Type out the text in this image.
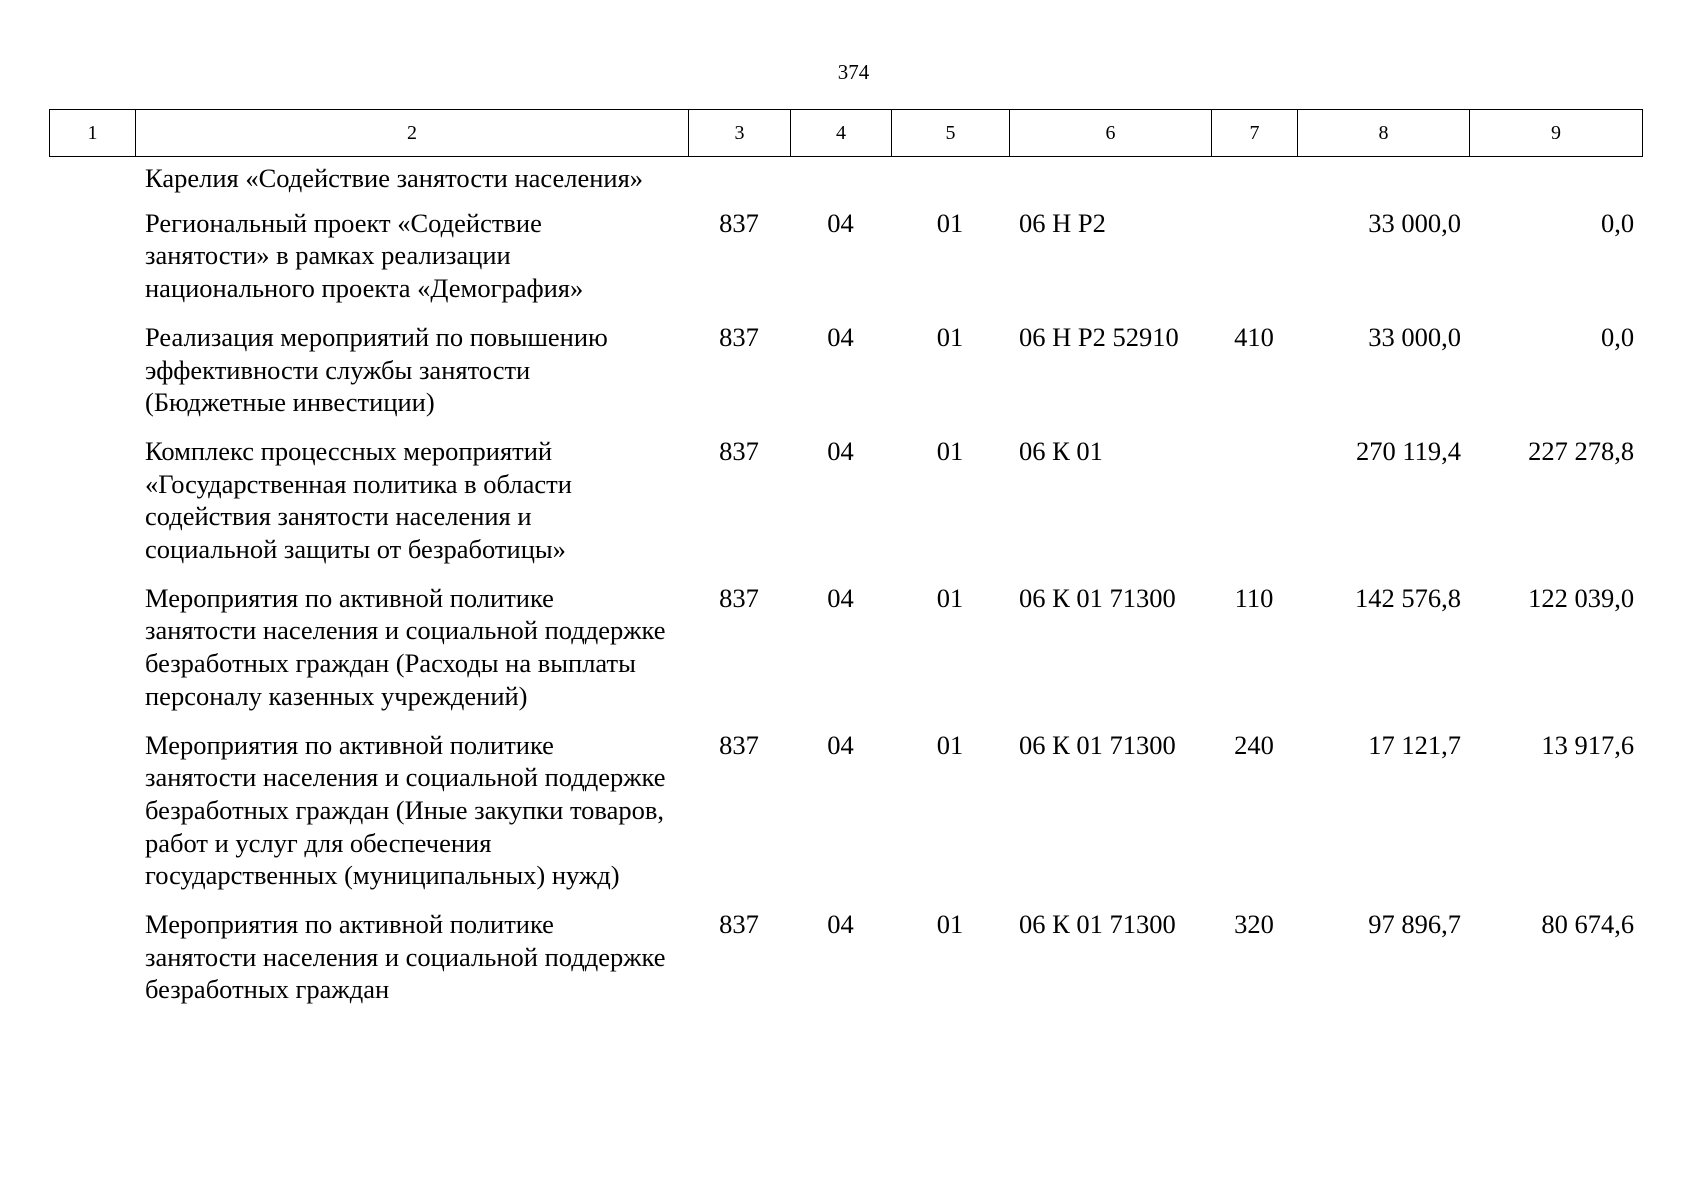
374
1	2	3	4	5	6	7	8	9
	Карелия «Содействие занятости населения»							
	Региональный проект «Содействие занятости» в рамках реализации национального проекта «Демография»	837	04	01	06 Н Р2		33 000,0	0,0
	Реализация мероприятий по повышению эффективности службы занятости (Бюджетные инвестиции)	837	04	01	06 Н Р2 52910	410	33 000,0	0,0
	Комплекс процессных мероприятий «Государственная политика в области содействия занятости населения и социальной защиты от безработицы»	837	04	01	06 К 01		270 119,4	227 278,8
	Мероприятия по активной политике занятости населения и социальной поддержке безработных граждан (Расходы на выплаты персоналу казенных учреждений)	837	04	01	06 К 01 71300	110	142 576,8	122 039,0
	Мероприятия по активной политике занятости населения и социальной поддержке безработных граждан (Иные закупки товаров, работ и услуг для обеспечения государственных (муниципальных) нужд)	837	04	01	06 К 01 71300	240	17 121,7	13 917,6
	Мероприятия по активной политике занятости населения и социальной поддержке безработных граждан	837	04	01	06 К 01 71300	320	97 896,7	80 674,6
